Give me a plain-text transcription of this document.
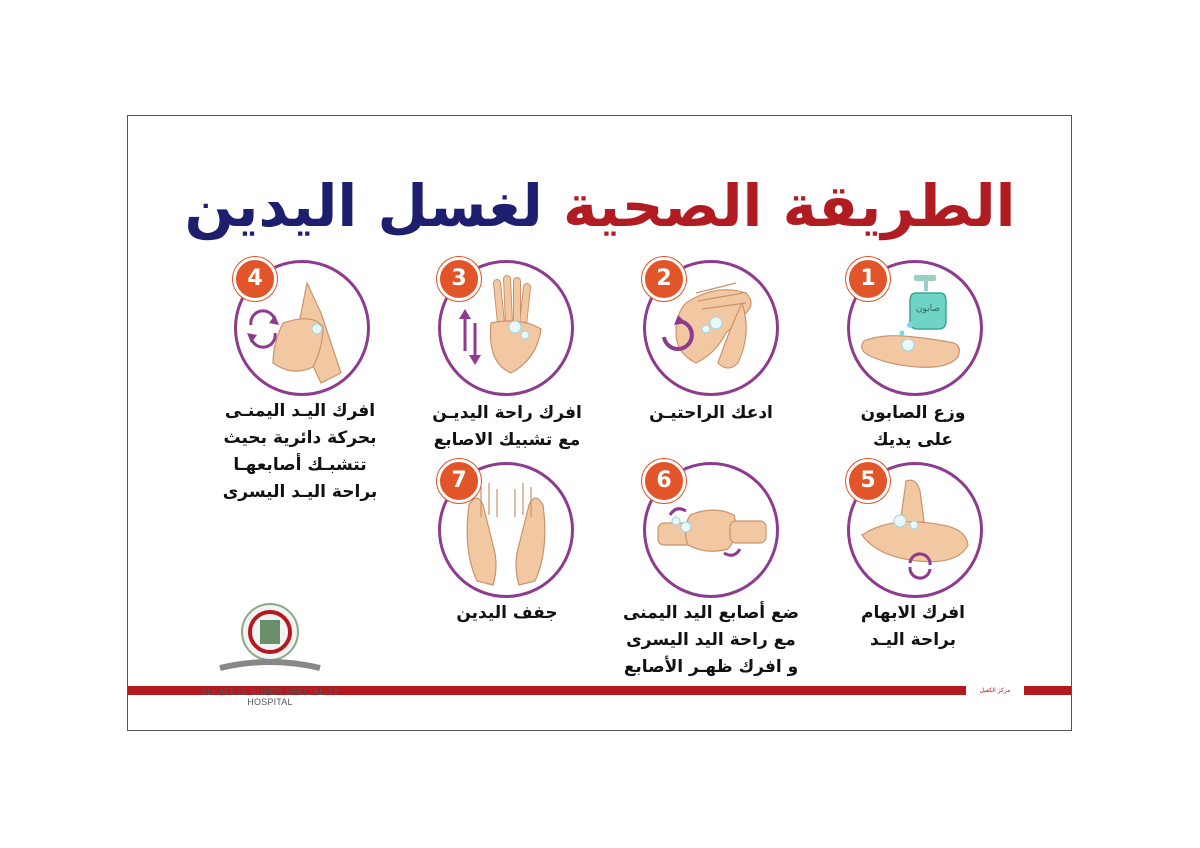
الطريقة الصحية لغسل اليدين
صابون
1
وزع الصابون
على يديك
2
ادعك الراحتيـن
3
افرك راحة اليديـن
مع تشبيك الاصابع
4
افرك اليـد اليمنـى
بحركة دائرية بحيث
تتشبـك أصابعهـا
براحة اليـد اليسرى	5
افرك الابهام
براحة اليـد
6
ضع أصابع اليد اليمنى
مع راحة اليد اليسرى
و افرك ظهـر الأصابع
7
جفف اليدين
ALKAFEEL SUPER SPECIALITY HOSPITAL
مركز الكفيل
